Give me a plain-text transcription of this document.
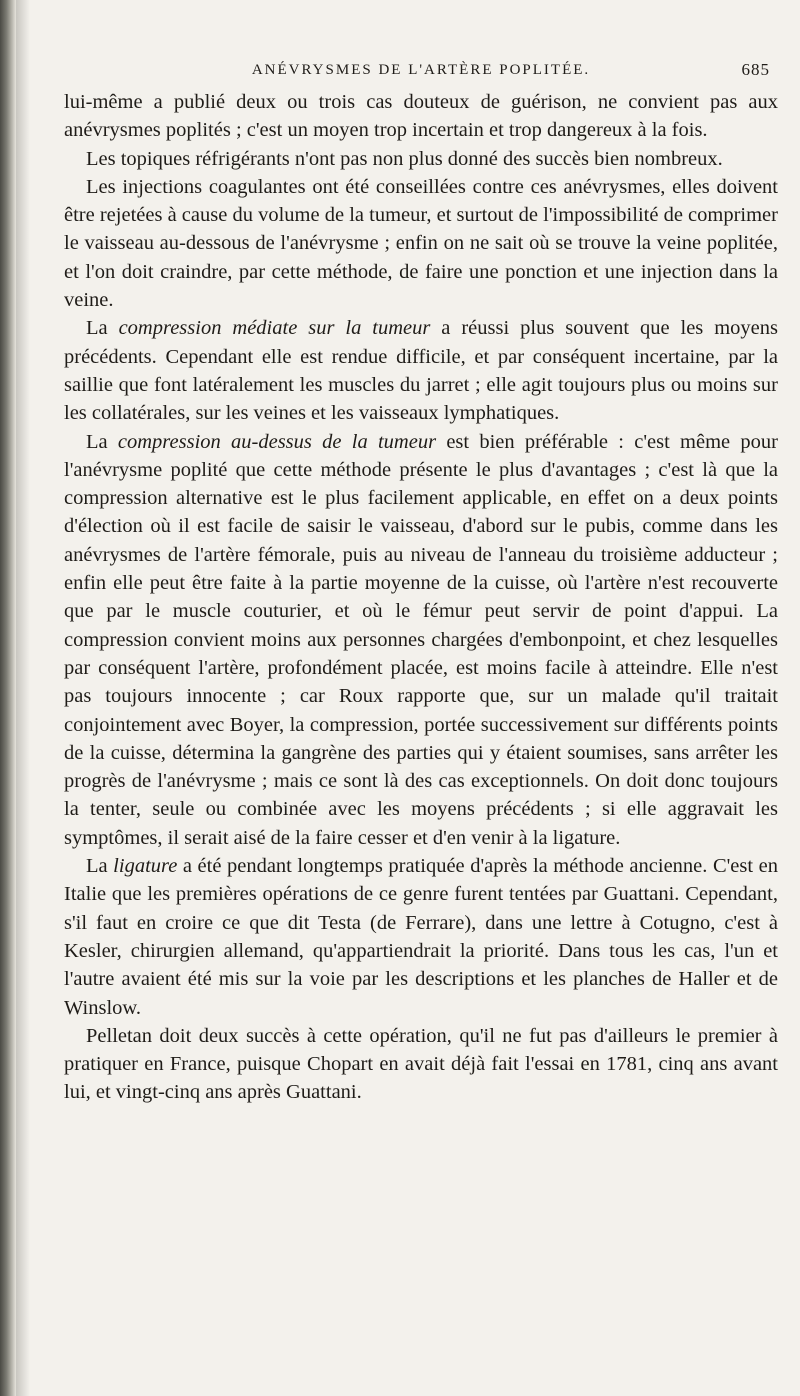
ANÉVRYSMES DE L'ARTÈRE POPLITÉE.	685

lui-même a publié deux ou trois cas douteux de guérison, ne convient pas aux anévrysmes poplités ; c'est un moyen trop incertain et trop dangereux à la fois.

Les topiques réfrigérants n'ont pas non plus donné des succès bien nombreux.

Les injections coagulantes ont été conseillées contre ces anévrysmes, elles doivent être rejetées à cause du volume de la tumeur, et surtout de l'impossibilité de comprimer le vaisseau au-dessous de l'anévrysme ; enfin on ne sait où se trouve la veine poplitée, et l'on doit craindre, par cette méthode, de faire une ponction et une injection dans la veine.

La compression médiate sur la tumeur a réussi plus souvent que les moyens précédents. Cependant elle est rendue difficile, et par conséquent incertaine, par la saillie que font latéralement les muscles du jarret ; elle agit toujours plus ou moins sur les collatérales, sur les veines et les vaisseaux lymphatiques.

La compression au-dessus de la tumeur est bien préférable : c'est même pour l'anévrysme poplité que cette méthode présente le plus d'avantages ; c'est là que la compression alternative est le plus facilement applicable, en effet on a deux points d'élection où il est facile de saisir le vaisseau, d'abord sur le pubis, comme dans les anévrysmes de l'artère fémorale, puis au niveau de l'anneau du troisième adducteur ; enfin elle peut être faite à la partie moyenne de la cuisse, où l'artère n'est recouverte que par le muscle couturier, et où le fémur peut servir de point d'appui. La compression convient moins aux personnes chargées d'embonpoint, et chez lesquelles par conséquent l'artère, profondément placée, est moins facile à atteindre. Elle n'est pas toujours innocente ; car Roux rapporte que, sur un malade qu'il traitait conjointement avec Boyer, la compression, portée successivement sur différents points de la cuisse, détermina la gangrène des parties qui y étaient soumises, sans arrêter les progrès de l'anévrysme ; mais ce sont là des cas exceptionnels. On doit donc toujours la tenter, seule ou combinée avec les moyens précédents ; si elle aggravait les symptômes, il serait aisé de la faire cesser et d'en venir à la ligature.

La ligature a été pendant longtemps pratiquée d'après la méthode ancienne. C'est en Italie que les premières opérations de ce genre furent tentées par Guattani. Cependant, s'il faut en croire ce que dit Testa (de Ferrare), dans une lettre à Cotugno, c'est à Kesler, chirurgien allemand, qu'appartiendrait la priorité. Dans tous les cas, l'un et l'autre avaient été mis sur la voie par les descriptions et les planches de Haller et de Winslow.

Pelletan doit deux succès à cette opération, qu'il ne fut pas d'ailleurs le premier à pratiquer en France, puisque Chopart en avait déjà fait l'essai en 1781, cinq ans avant lui, et vingt-cinq ans après Guattani.
